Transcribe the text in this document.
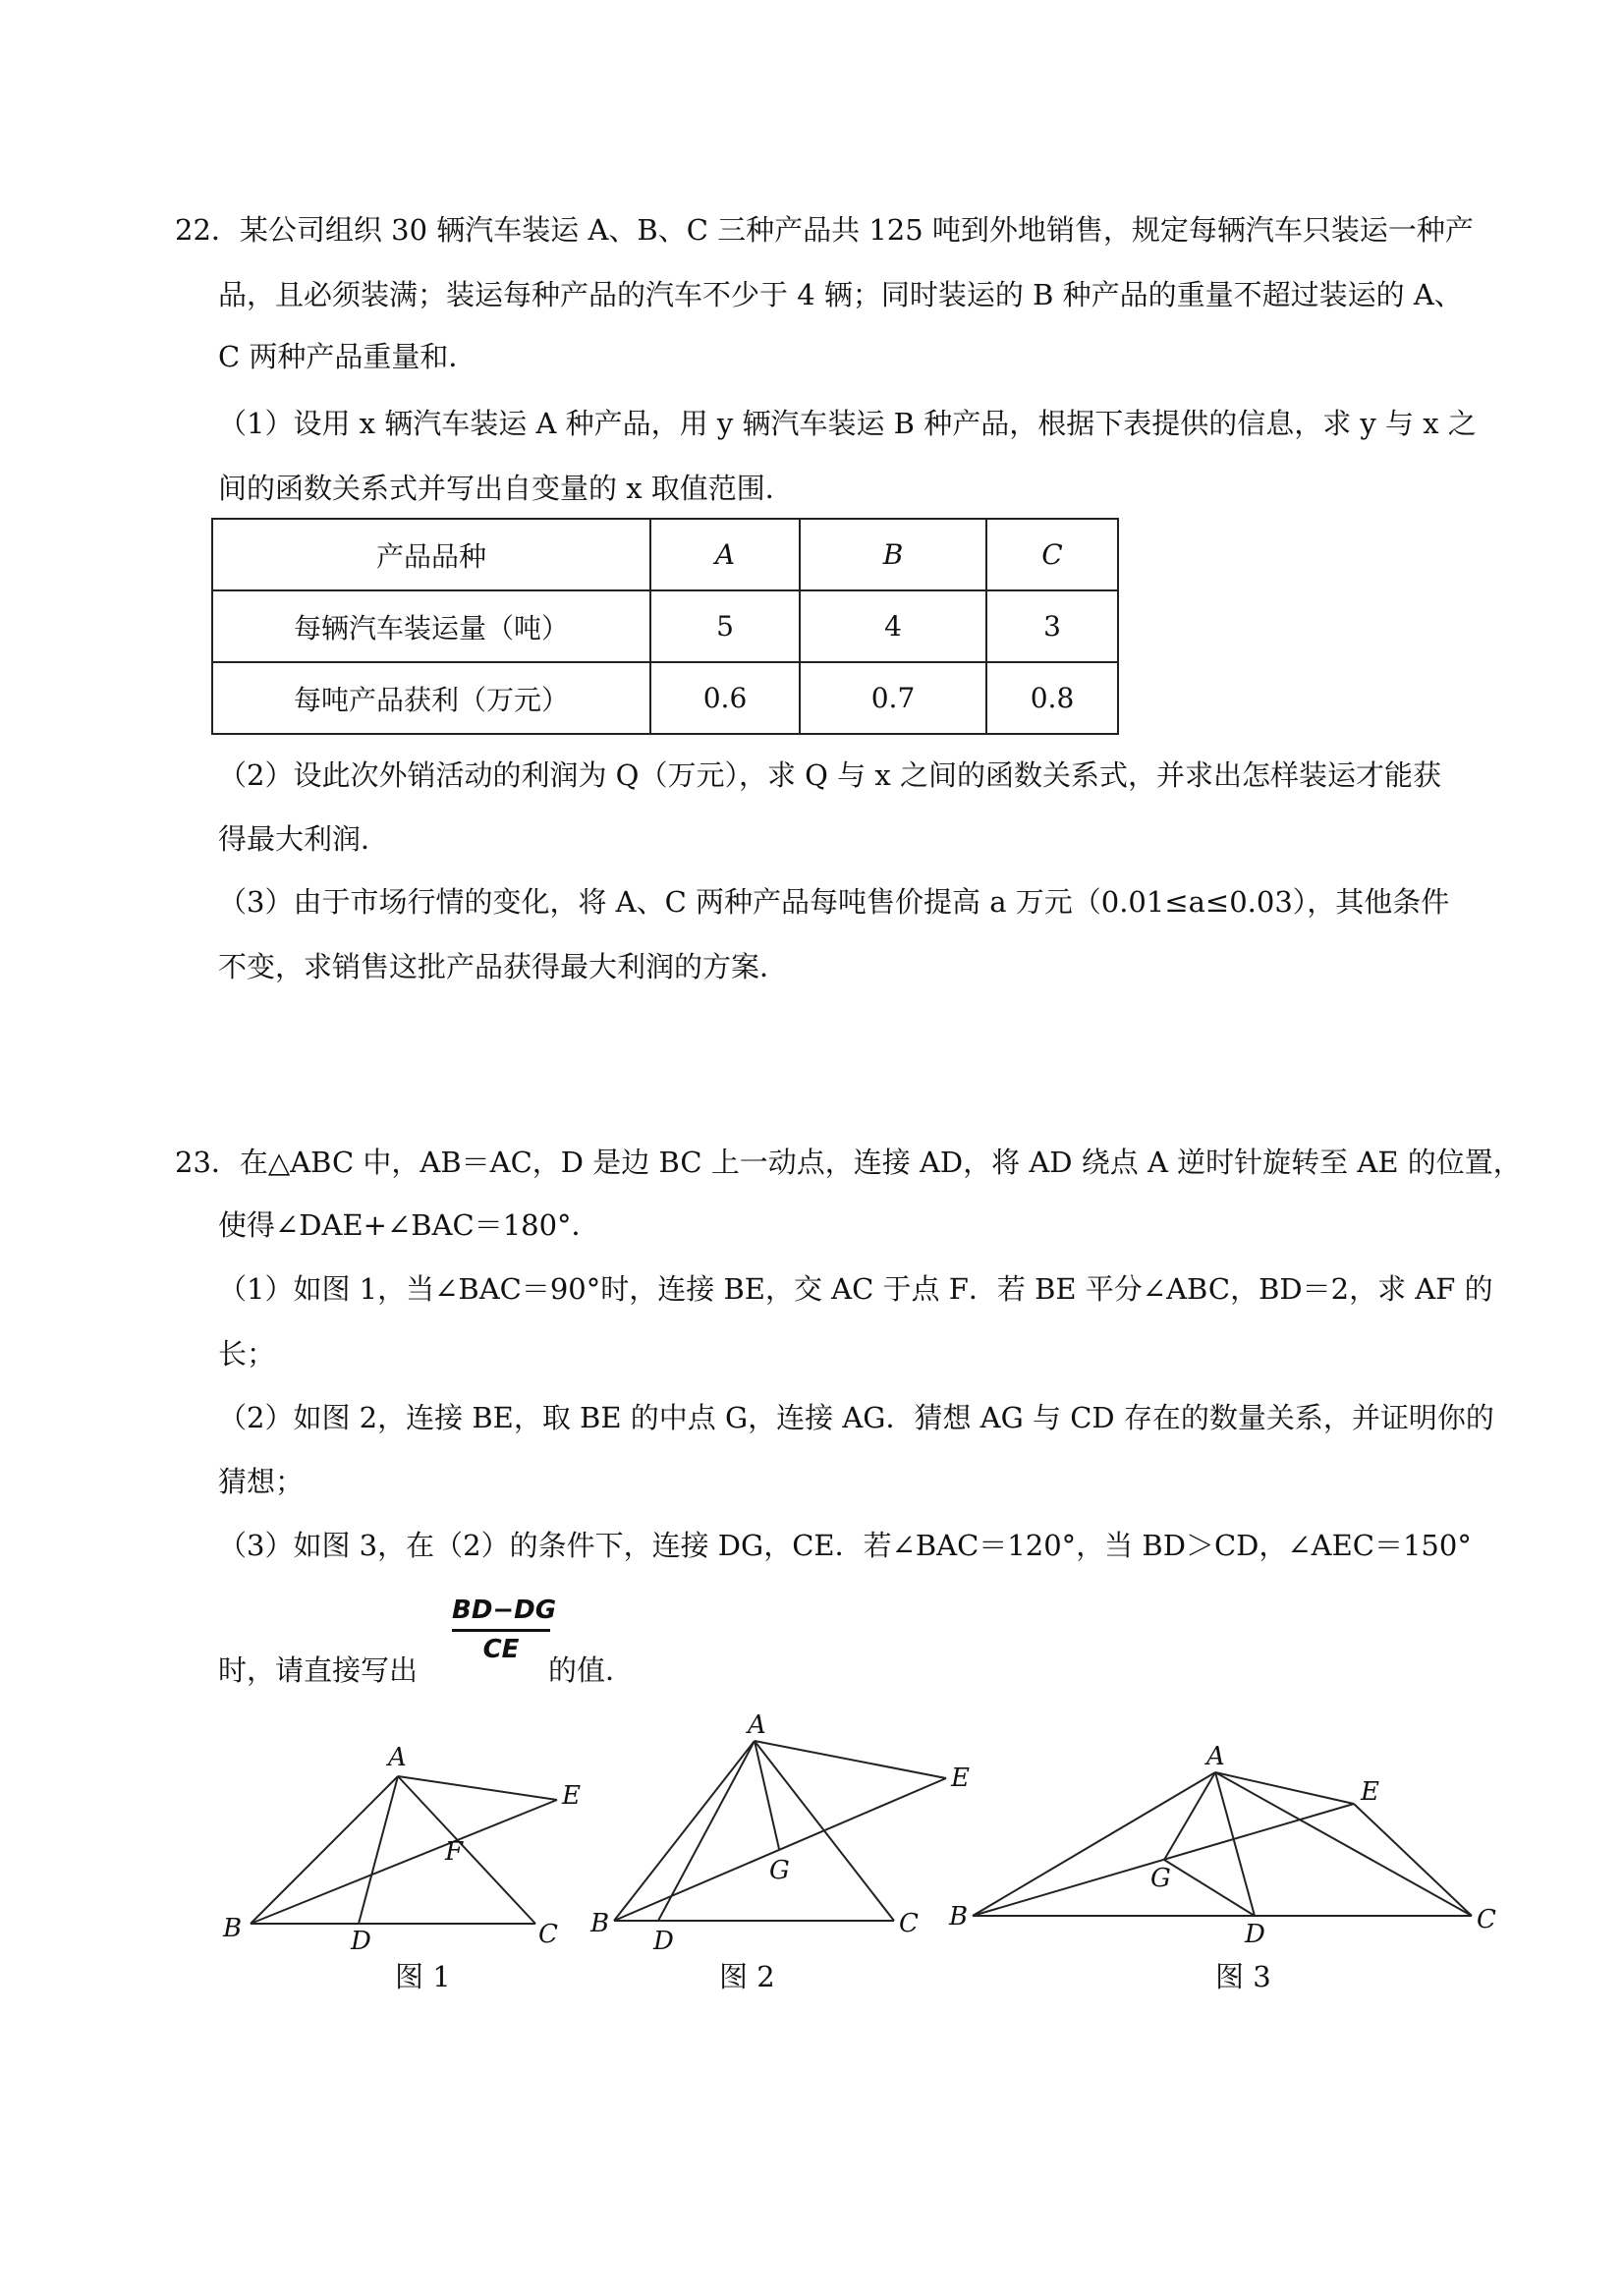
22．某公司组织 30 辆汽车装运 A、B、C 三种产品共 125 吨到外地销售，规定每辆汽车只装运一种产
品，且必须装满；装运每种产品的汽车不少于 4 辆；同时装运的 B 种产品的重量不超过装运的 A、
C 两种产品重量和．
（1）设用 x 辆汽车装运 A 种产品，用 y 辆汽车装运 B 种产品，根据下表提供的信息，求 y 与 x 之
间的函数关系式并写出自变量的 x 取值范围．
产品品种	A	B	C
每辆汽车装运量（吨）	5	4	3
每吨产品获利（万元）	0.6	0.7	0.8
（2）设此次外销活动的利润为 Q（万元），求 Q 与 x 之间的函数关系式，并求出怎样装运才能获
得最大利润．
（3）由于市场行情的变化，将 A、C 两种产品每吨售价提高 a 万元（0.01≤a≤0.03），其他条件
不变，求销售这批产品获得最大利润的方案．
23．在△ABC 中，AB＝AC，D 是边 BC 上一动点，连接 AD，将 AD 绕点 A 逆时针旋转至 AE 的位置，
使得∠DAE+∠BAC＝180°．
（1）如图 1，当∠BAC＝90°时，连接 BE，交 AC 于点 F．若 BE 平分∠ABC，BD＝2，求 AF 的
长；
（2）如图 2，连接 BE，取 BE 的中点 G，连接 AG．猜想 AG 与 CD 存在的数量关系，并证明你的
猜想；
（3）如图 3，在（2）的条件下，连接 DG，CE．若∠BAC＝120°，当 BD＞CD，∠AEC＝150°
时，请直接写出
BD−DG
CE
的值．
A
B	C
D
E
F
A
B	C
D
E
G
A
B	C
D
E
G
图 1	图 2	图 3
